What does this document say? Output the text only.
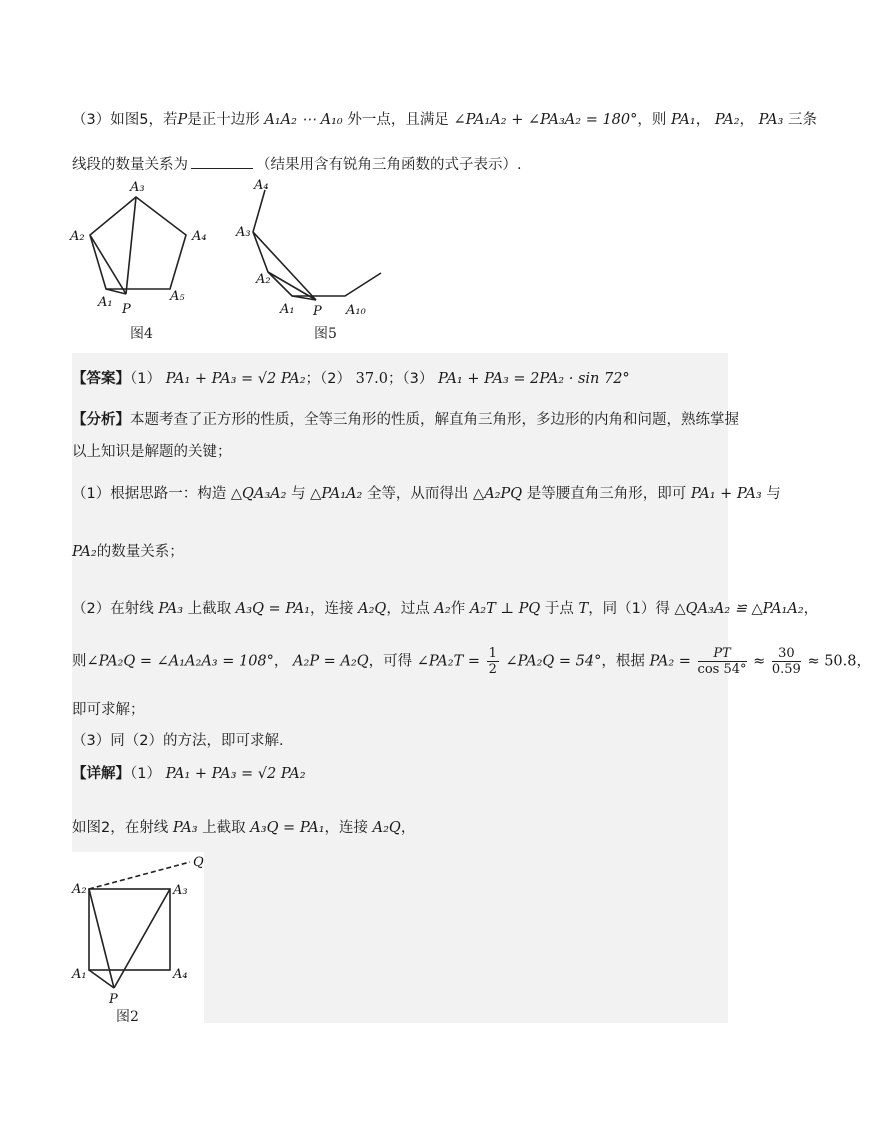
（3）如图5，若P是正十边形 A₁A₂ ⋯ A₁₀ 外一点，且满足 ∠PA₁A₂ + ∠PA₃A₂ = 180°，则 PA₁， PA₂， PA₃ 三条
线段的数量关系为	（结果用含有锐角三角函数的式子表示）.
A₃
A₂	A₄
A₁ P
A₅
图4
A₄
A₃
A₂
A₁ P A₁₀
图5
【答案】（1） PA₁ + PA₃ = √2 PA₂；（2） 37.0；（3） PA₁ + PA₃ = 2PA₂ · sin 72°
【分析】本题考查了正方形的性质，全等三角形的性质，解直角三角形，多边形的内角和问题，熟练掌握
以上知识是解题的关键；
（1）根据思路一：构造 △QA₃A₂ 与 △PA₁A₂ 全等，从而得出 △A₂PQ 是等腰直角三角形，即可 PA₁ + PA₃ 与
PA₂的数量关系；
（2）在射线 PA₃ 上截取 A₃Q = PA₁，连接 A₂Q，过点 A₂作 A₂T ⊥ PQ 于点 T，同（1）得 △QA₃A₂ ≌ △PA₁A₂，
则∠PA₂Q = ∠A₁A₂A₃ = 108°， A₂P = A₂Q，可得 ∠PA₂T = $\frac{1}{2}$ ∠PA₂Q = 54°，根据 $PA_2 = \frac{PT}{\cos 54^\circ} \approx \frac{30}{0.59} \approx 50.8$，
即可求解；
（3）同（2）的方法，即可求解.
【详解】（1） PA₁ + PA₃ = √2 PA₂
如图2，在射线 PA₃ 上截取 A₃Q = PA₁，连接 A₂Q，
Q
A₂	A₃
A₁	A₄
P
图2
